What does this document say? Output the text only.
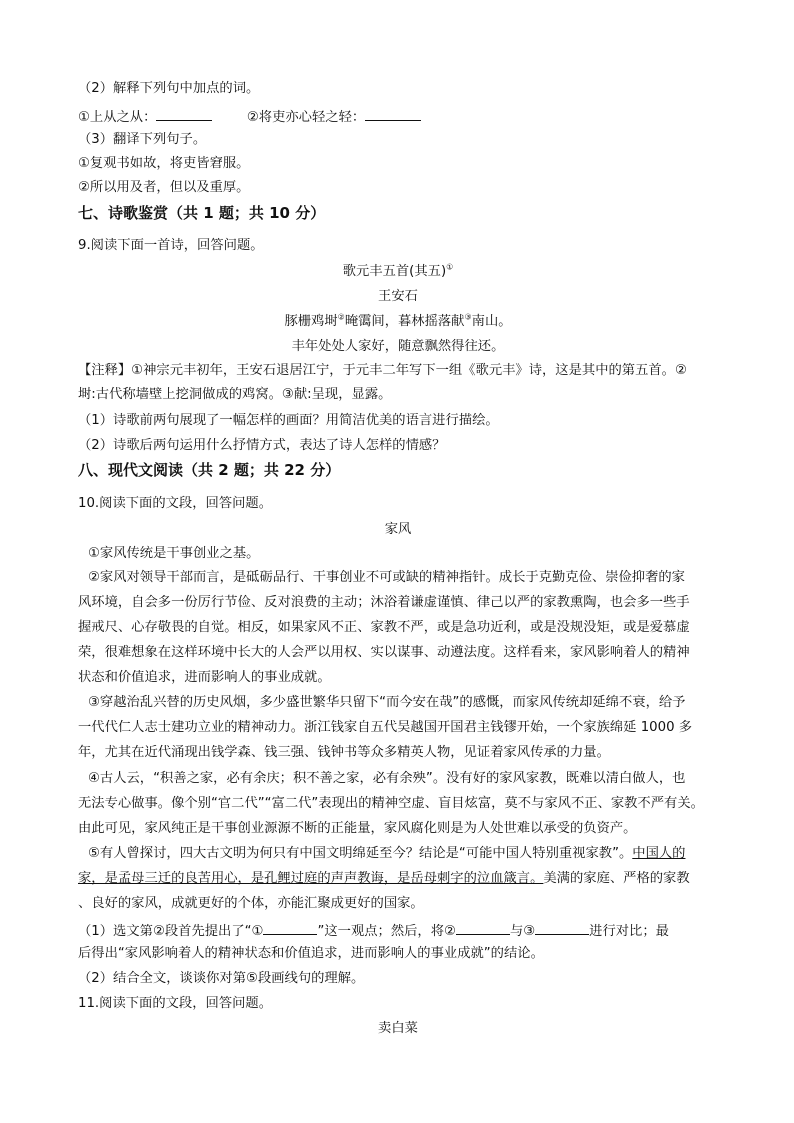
（2）解释下列句中加点的词。
①上从之从：	②将吏亦心轻之轻：
（3）翻译下列句子。
①复观书如故，将吏皆窘服。
②所以用及者，但以及重厚。
七、诗歌鉴赏（共 1 题；共 10 分）
9.阅读下面一首诗，回答问题。
歌元丰五首(其五)①
王安石
豚栅鸡埘②晻霭间，暮林摇落献③南山。
丰年处处人家好，随意飘然得往还。
【注释】①神宗元丰初年，王安石退居江宁，于元丰二年写下一组《歌元丰》诗，这是其中的第五首。②
埘:古代称墙壁上挖洞做成的鸡窝。③献:呈现，显露。
（1）诗歌前两句展现了一幅怎样的画面？用简洁优美的语言进行描绘。
（2）诗歌后两句运用什么抒情方式，表达了诗人怎样的情感？
八、现代文阅读（共 2 题；共 22 分）
10.阅读下面的文段，回答问题。
家风
①家风传统是干事创业之基。
②家风对领导干部而言，是砥砺品行、干事创业不可或缺的精神指针。成长于克勤克俭、崇俭抑奢的家
风环境，自会多一份厉行节俭、反对浪费的主动；沐浴着谦虚谨慎、律己以严的家教熏陶，也会多一些手
握戒尺、心存敬畏的自觉。相反，如果家风不正、家教不严，或是急功近利，或是没规没矩，或是爱慕虚
荣，很难想象在这样环境中长大的人会严以用权、实以谋事、动遵法度。这样看来，家风影响着人的精神
状态和价值追求，进而影响人的事业成就。
③穿越治乱兴替的历史风烟，多少盛世繁华只留下“而今安在哉”的感慨，而家风传统却延绵不衰，给予
一代代仁人志士建功立业的精神动力。浙江钱家自五代吴越国开国君主钱镠开始，一个家族绵延 1000 多
年，尤其在近代涌现出钱学森、钱三强、钱钟书等众多精英人物，见证着家风传承的力量。
④古人云，“积善之家，必有余庆；积不善之家，必有余殃”。没有好的家风家教，既难以清白做人，也
无法专心做事。像个别“官二代”“富二代”表现出的精神空虚、盲目炫富，莫不与家风不正、家教不严有关。
由此可见，家风纯正是干事创业源源不断的正能量，家风腐化则是为人处世难以承受的负资产。
⑤有人曾探讨，四大古文明为何只有中国文明绵延至今？结论是“可能中国人特别重视家教”。中国人的
家，是孟母三迁的良苦用心，是孔鲤过庭的声声教诲，是岳母刺字的泣血箴言。美满的家庭、严格的家教
、良好的家风，成就更好的个体，亦能汇聚成更好的国家。
（1）选文第②段首先提出了“①	”这一观点；然后，将②	与③	进行对比；最
后得出“家风影响着人的精神状态和价值追求，进而影响人的事业成就”的结论。
（2）结合全文，谈谈你对第⑤段画线句的理解。
11.阅读下面的文段，回答问题。
卖白菜
